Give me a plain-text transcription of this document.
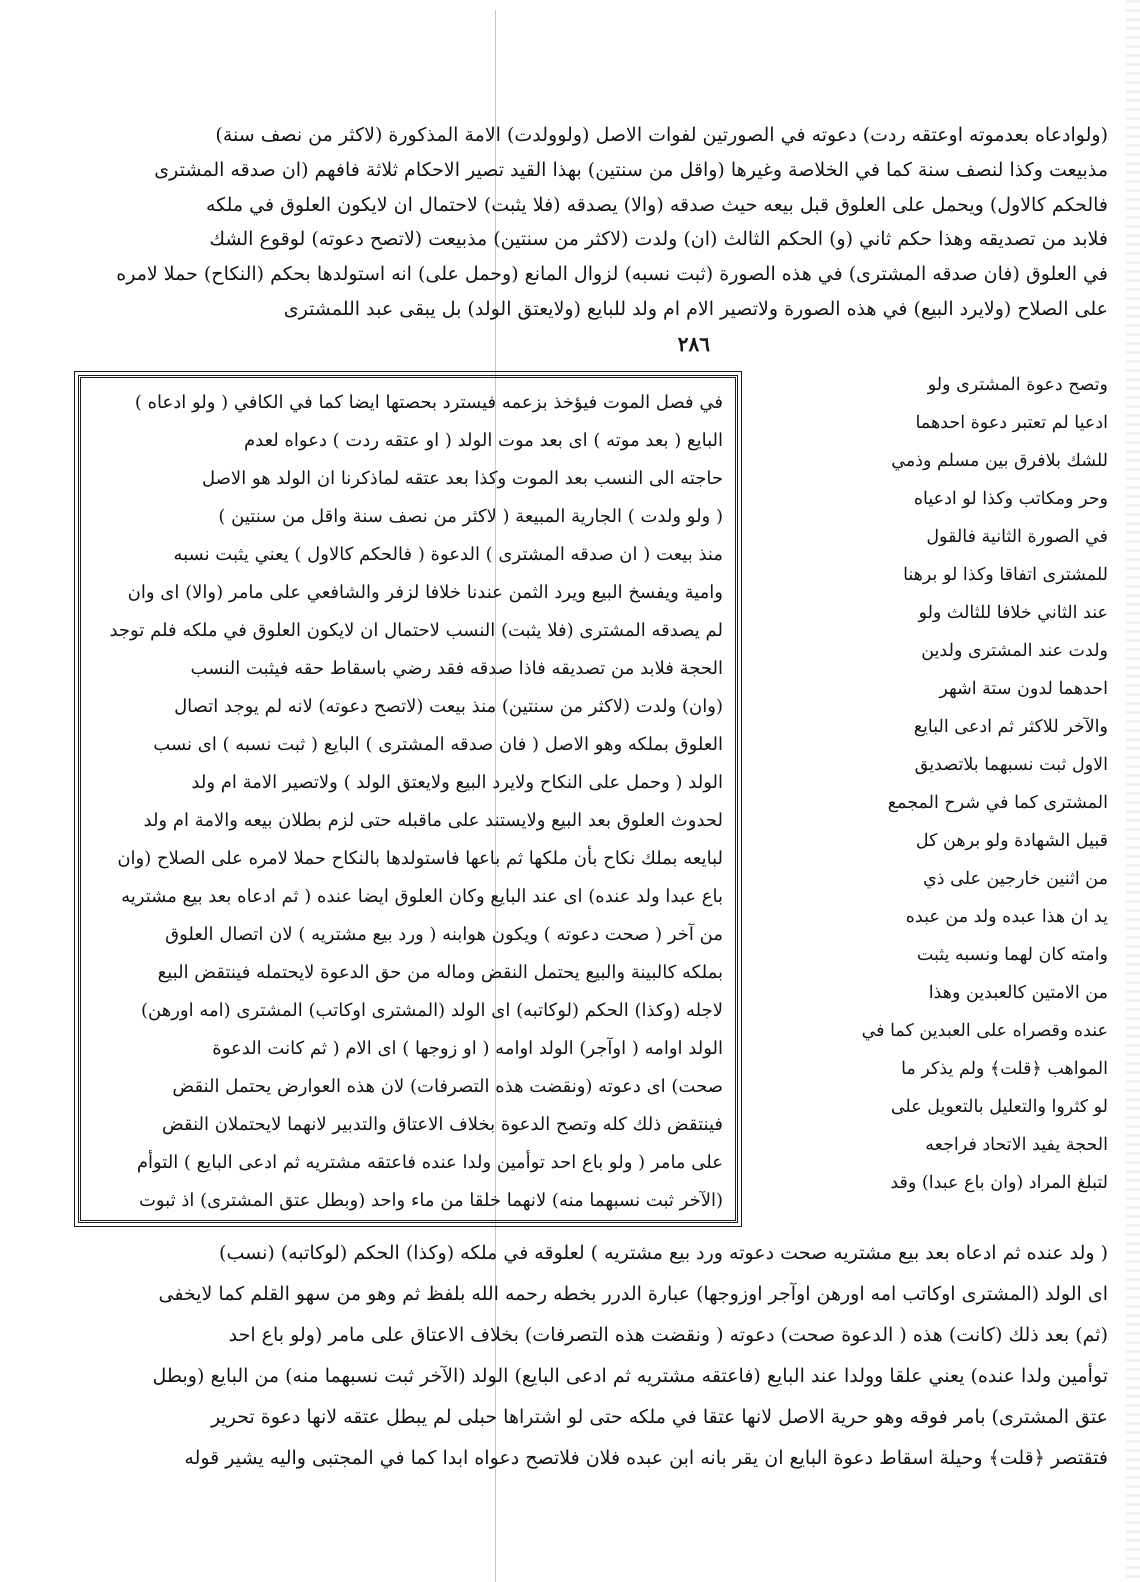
(ولوادعاه بعدموته اوعتقه ردت) دعوته في الصورتين لفوات الاصل (ولوولدت) الامة المذكورة (لاكثر من نصف سنة)
مذبيعت وكذا لنصف سنة كما في الخلاصة وغيرها (واقل من سنتين) بهذا القيد تصير الاحكام ثلاثة فافهم (ان صدقه المشترى
فالحكم كالاول) ويحمل على العلوق قبل بيعه حيث صدقه (والا) يصدقه (فلا يثبت) لاحتمال ان لايكون العلوق في ملكه
فلابد من تصديقه وهذا حكم ثاني (و) الحكم الثالث (ان) ولدت (لاكثر من سنتين) مذبيعت (لاتصح دعوته) لوقوع الشك
في العلوق (فان صدقه المشترى) في هذه الصورة (ثبت نسبه) لزوال المانع (وحمل على) انه استولدها بحكم (النكاح) حملا لامره
على الصلاح (ولايرد البيع) في هذه الصورة ولاتصير الام ام ولد للبايع (ولايعتق الولد) بل يبقى عبد اللمشترى
٢٨٦
وتصح دعوة المشترى ولو
ادعيا لم تعتبر دعوة احدهما
للشك بلافرق بين مسلم وذمي
وحر ومكاتب وكذا لو ادعياه
في الصورة الثانية فالقول
للمشترى اتفاقا وكذا لو برهنا
عند الثاني خلافا للثالث ولو
ولدت عند المشترى ولدين
احدهما لدون ستة اشهر
والآخر للاكثر ثم ادعى البايع
الاول ثبت نسبهما بلاتصديق
المشترى كما في شرح المجمع
قبيل الشهادة ولو برهن كل
من اثنين خارجين على ذي
يد ان هذا عبده ولد من عبده
وامته كان لهما ونسبه يثبت
من الامتين كالعبدين وهذا
عنده وقصراه على العبدين كما في
المواهب ﴿قلت﴾ ولم يذكر ما
لو كثروا والتعليل بالتعويل على
الحجة يفيد الاتحاد فراجعه
لتبلغ المراد (وان باع عبدا) وقد
في فصل الموت فيؤخذ بزعمه فيسترد بحصتها ايضا كما في الكافي ( ولو ادعاه )
البايع ( بعد موته ) اى بعد موت الولد ( او عتقه ردت ) دعواه لعدم
حاجته الى النسب بعد الموت وكذا بعد عتقه لماذكرنا ان الولد هو الاصل
( ولو ولدت ) الجارية المبيعة ( لاكثر من نصف سنة واقل من سنتين )
منذ بيعت ( ان صدقه المشترى ) الدعوة ( فالحكم كالاول ) يعني يثبت نسبه
وامية ويفسخ البيع ويرد الثمن عندنا خلافا لزفر والشافعي على مامر (والا) اى وان
لم يصدقه المشترى (فلا يثبت) النسب لاحتمال ان لايكون العلوق في ملكه فلم توجد
الحجة فلابد من تصديقه فاذا صدقه فقد رضي باسقاط حقه فيثبت النسب
(وان) ولدت (لاكثر من سنتين) منذ بيعت (لاتصح دعوته) لانه لم يوجد اتصال
العلوق بملكه وهو الاصل ( فان صدقه المشترى ) البايع ( ثبت نسبه ) اى نسب
الولد ( وحمل على النكاح ولايرد البيع ولايعتق الولد ) ولاتصير الامة ام ولد
لحدوث العلوق بعد البيع ولايستند على ماقبله حتى لزم بطلان بيعه والامة ام ولد
لبايعه بملك نكاح بأن ملكها ثم باعها فاستولدها بالنكاح حملا لامره على الصلاح (وان
باع عبدا ولد عنده) اى عند البايع وكان العلوق ايضا عنده ( ثم ادعاه بعد بيع مشتريه
من آخر ( صحت دعوته ) ويكون هوابنه ( ورد بيع مشتريه ) لان اتصال العلوق
بملكه كالبينة والبيع يحتمل النقض وماله من حق الدعوة لايحتمله فينتقض البيع
لاجله (وكذا) الحكم (لوكاتبه) اى الولد (المشترى اوكاتب) المشترى (امه اورهن)
الولد اوامه ( اوآجر) الولد اوامه ( او زوجها ) اى الام ( ثم كانت الدعوة
صحت) اى دعوته (ونقضت هذه التصرفات) لان هذه العوارض يحتمل النقض
فينتقض ذلك كله وتصح الدعوة بخلاف الاعتاق والتدبير لانهما لايحتملان النقض
على مامر ( ولو باع احد توأمين ولدا عنده فاعتقه مشتريه ثم ادعى البايع ) التوأم
(الآخر ثبت نسبهما منه) لانهما خلقا من ماء واحد (وبطل عتق المشترى) اذ ثبوت
( ولد عنده ثم ادعاه بعد بيع مشتريه صحت دعوته ورد بيع مشتريه ) لعلوقه في ملكه (وكذا) الحكم (لوكاتبه) (نسب)
اى الولد (المشترى اوكاتب امه اورهن اوآجر اوزوجها) عبارة الدرر بخطه رحمه الله بلفظ ثم وهو من سهو القلم كما لايخفى
(ثم) بعد ذلك (كانت) هذه ( الدعوة صحت) دعوته ( ونقضت هذه التصرفات) بخلاف الاعتاق على مامر (ولو باع احد
توأمين ولدا عنده) يعني علقا وولدا عند البايع (فاعتقه مشتريه ثم ادعى البايع) الولد (الآخر ثبت نسبهما منه) من البايع (وبطل
عتق المشترى) بامر فوقه وهو حرية الاصل لانها عتقا في ملكه حتى لو اشتراها حبلى لم يبطل عتقه لانها دعوة تحرير
فتقتصر ﴿قلت﴾ وحيلة اسقاط دعوة البايع ان يقر بانه ابن عبده فلان فلاتصح دعواه ابدا كما في المجتبى واليه يشير قوله
